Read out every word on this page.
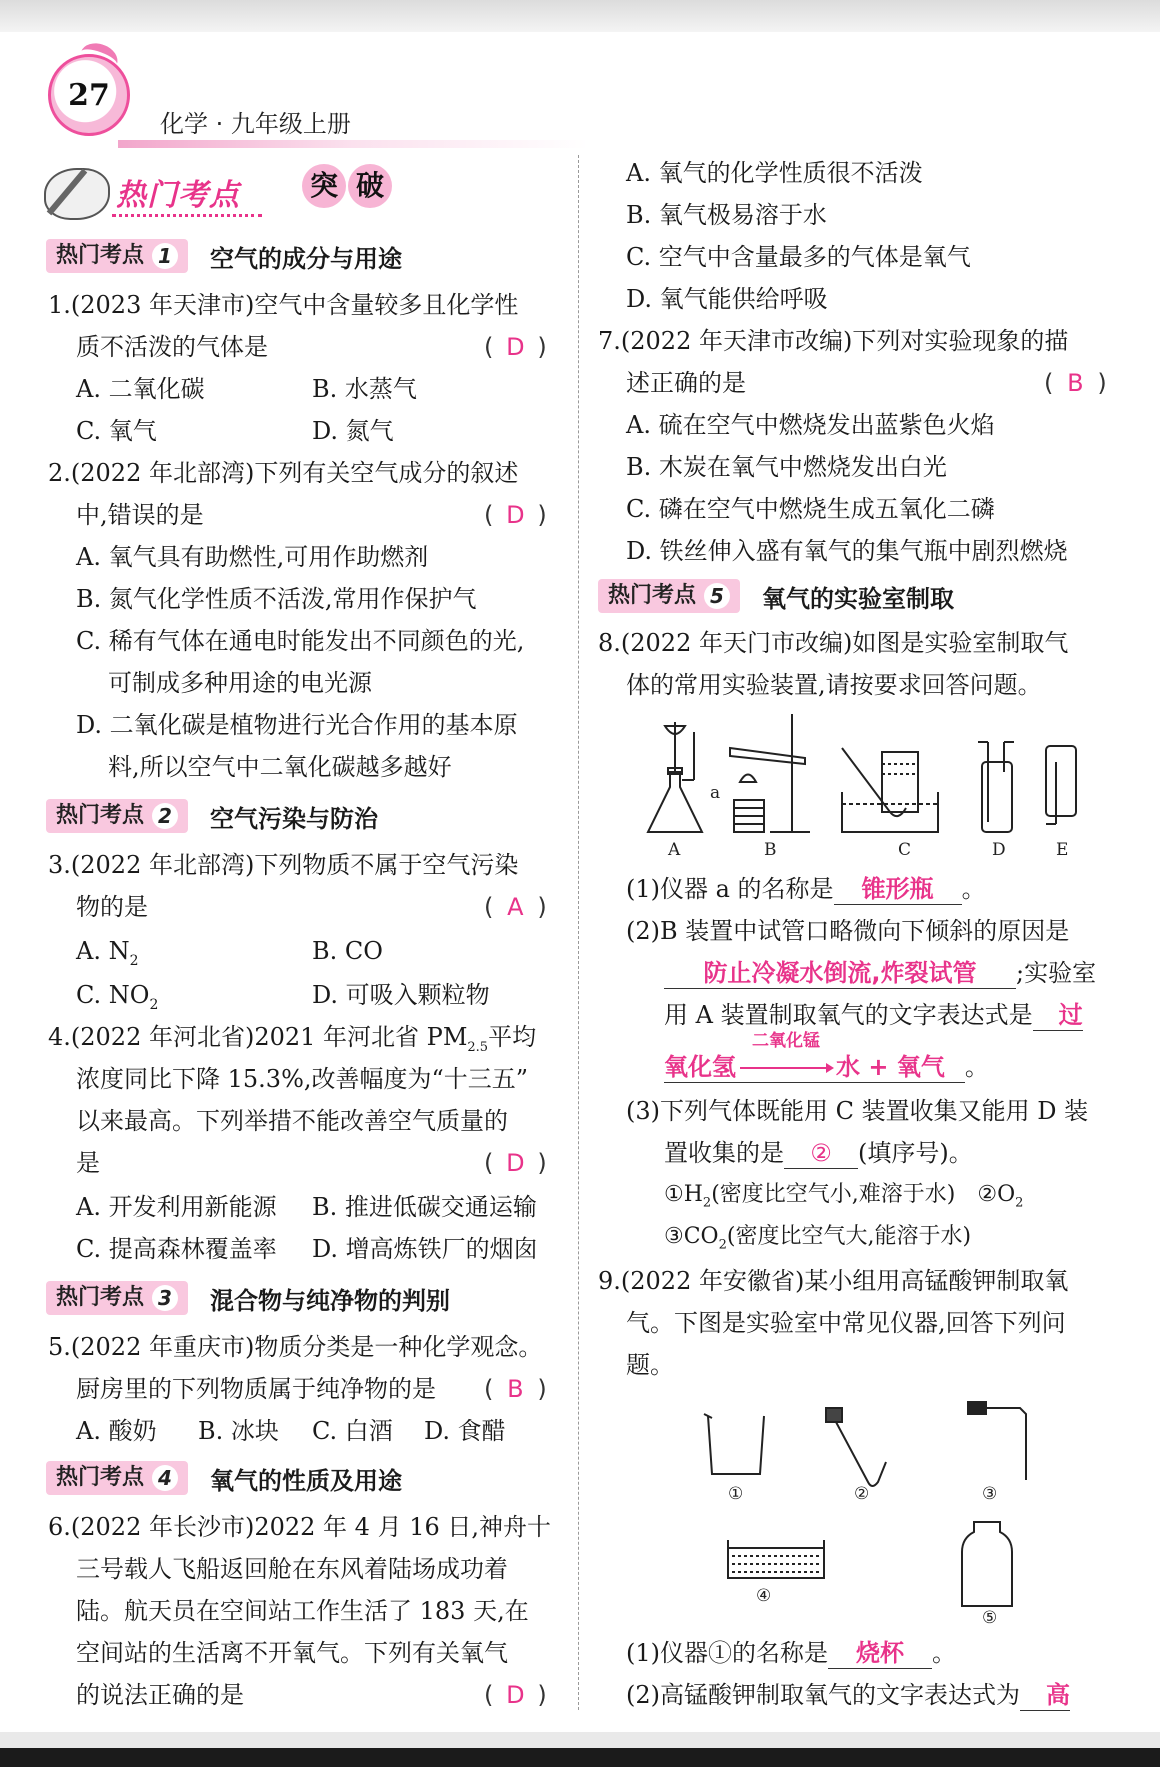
27
化学 · 九年级上册
热门考点 突 破
热门考点 1 空气的成分与用途
1.(2023 年天津市)空气中含量较多且化学性
质不活泼的气体是	( D )
A. 二氧化碳	B. 水蒸气
C. 氧气	D. 氮气
2.(2022 年北部湾)下列有关空气成分的叙述
中,错误的是	( D )
A. 氧气具有助燃性,可用作助燃剂
B. 氮气化学性质不活泼,常用作保护气
C. 稀有气体在通电时能发出不同颜色的光,
可制成多种用途的电光源
D. 二氧化碳是植物进行光合作用的基本原
料,所以空气中二氧化碳越多越好
热门考点 2 空气污染与防治
3.(2022 年北部湾)下列物质不属于空气污染
物的是	( A )
A. $N_2$	B. CO
C. $NO_2$	D. 可吸入颗粒物
4.(2022 年河北省)2021 年河北省 $PM_{2.5}$平均
浓度同比下降 15.3%,改善幅度为“十三五”
以来最高。下列举措不能改善空气质量的
是	( D )
A. 开发利用新能源 B. 推进低碳交通运输
C. 提高森林覆盖率 D. 增高炼铁厂的烟囱
热门考点 3 混合物与纯净物的判别
5.(2022 年重庆市)物质分类是一种化学观念。
厨房里的下列物质属于纯净物的是 ( B )
A. 酸奶 B. 冰块 C. 白酒 D. 食醋
热门考点 4 氧气的性质及用途
6.(2022 年长沙市)2022 年 4 月 16 日,神舟十
三号载人飞船返回舱在东风着陆场成功着
陆。航天员在空间站工作生活了 183 天,在
空间站的生活离不开氧气。下列有关氧气
的说法正确的是	( D )
A. 氧气的化学性质很不活泼
B. 氧气极易溶于水
C. 空气中含量最多的气体是氧气
D. 氧气能供给呼吸
7.(2022 年天津市改编)下列对实验现象的描
述正确的是	( B )
A. 硫在空气中燃烧发出蓝紫色火焰
B. 木炭在氧气中燃烧发出白光
C. 磷在空气中燃烧生成五氧化二磷
D. 铁丝伸入盛有氧气的集气瓶中剧烈燃烧
热门考点 5 氧气的实验室制取
8.(2022 年天门市改编)如图是实验室制取气
体的常用实验装置,请按要求回答问题。
a
A	B	C	D	E
(1)仪器 a 的名称是 锥形瓶 。
(2)B 装置中试管口略微向下倾斜的原因是
防止冷凝水倒流,炸裂试管 ;实验室
用 A 装置制取氧气的文字表达式是 过
氧化氢
二氧化锰
水 + 氧气 。
(3)下列气体既能用 C 装置收集又能用 D 装
置收集的是 ② (填序号)。
$①H_2$(密度比空气小,难溶于水) $②O_2$
$③CO_2$(密度比空气大,能溶于水)
9.(2022 年安徽省)某小组用高锰酸钾制取氧
气。下图是实验室中常见仪器,回答下列问
题。
①	②	③
④
⑤
(1)仪器①的名称是 烧杯 。
(2)高锰酸钾制取氧气的文字表达式为 高
